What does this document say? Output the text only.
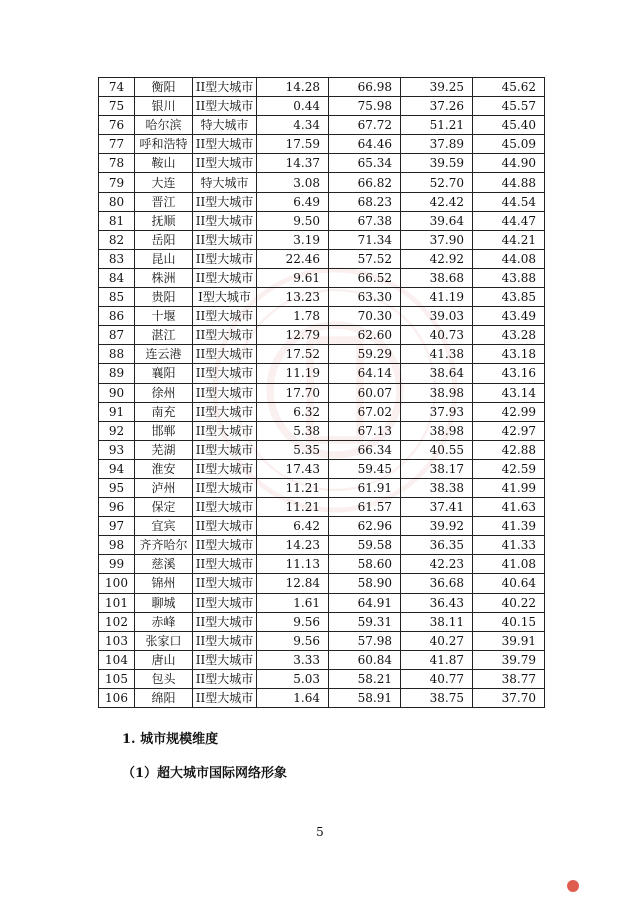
74	衡阳	II型大城市	14.28	66.98	39.25	45.62
75	银川	II型大城市	0.44	75.98	37.26	45.57
76	哈尔滨	特大城市	4.34	67.72	51.21	45.40
77	呼和浩特	II型大城市	17.59	64.46	37.89	45.09
78	鞍山	II型大城市	14.37	65.34	39.59	44.90
79	大连	特大城市	3.08	66.82	52.70	44.88
80	晋江	II型大城市	6.49	68.23	42.42	44.54
81	抚顺	II型大城市	9.50	67.38	39.64	44.47
82	岳阳	II型大城市	3.19	71.34	37.90	44.21
83	昆山	II型大城市	22.46	57.52	42.92	44.08
84	株洲	II型大城市	9.61	66.52	38.68	43.88
85	贵阳	I型大城市	13.23	63.30	41.19	43.85
86	十堰	II型大城市	1.78	70.30	39.03	43.49
87	湛江	II型大城市	12.79	62.60	40.73	43.28
88	连云港	II型大城市	17.52	59.29	41.38	43.18
89	襄阳	II型大城市	11.19	64.14	38.64	43.16
90	徐州	II型大城市	17.70	60.07	38.98	43.14
91	南充	II型大城市	6.32	67.02	37.93	42.99
92	邯郸	II型大城市	5.38	67.13	38.98	42.97
93	芜湖	II型大城市	5.35	66.34	40.55	42.88
94	淮安	II型大城市	17.43	59.45	38.17	42.59
95	泸州	II型大城市	11.21	61.91	38.38	41.99
96	保定	II型大城市	11.21	61.57	37.41	41.63
97	宜宾	II型大城市	6.42	62.96	39.92	41.39
98	齐齐哈尔	II型大城市	14.23	59.58	36.35	41.33
99	慈溪	II型大城市	11.13	58.60	42.23	41.08
100	锦州	II型大城市	12.84	58.90	36.68	40.64
101	聊城	II型大城市	1.61	64.91	36.43	40.22
102	赤峰	II型大城市	9.56	59.31	38.11	40.15
103	张家口	II型大城市	9.56	57.98	40.27	39.91
104	唐山	II型大城市	3.33	60.84	41.87	39.79
105	包头	II型大城市	5.03	58.21	40.77	38.77
106	绵阳	II型大城市	1.64	58.91	38.75	37.70

1. 城市规模维度

（1）超大城市国际网络形象

5
